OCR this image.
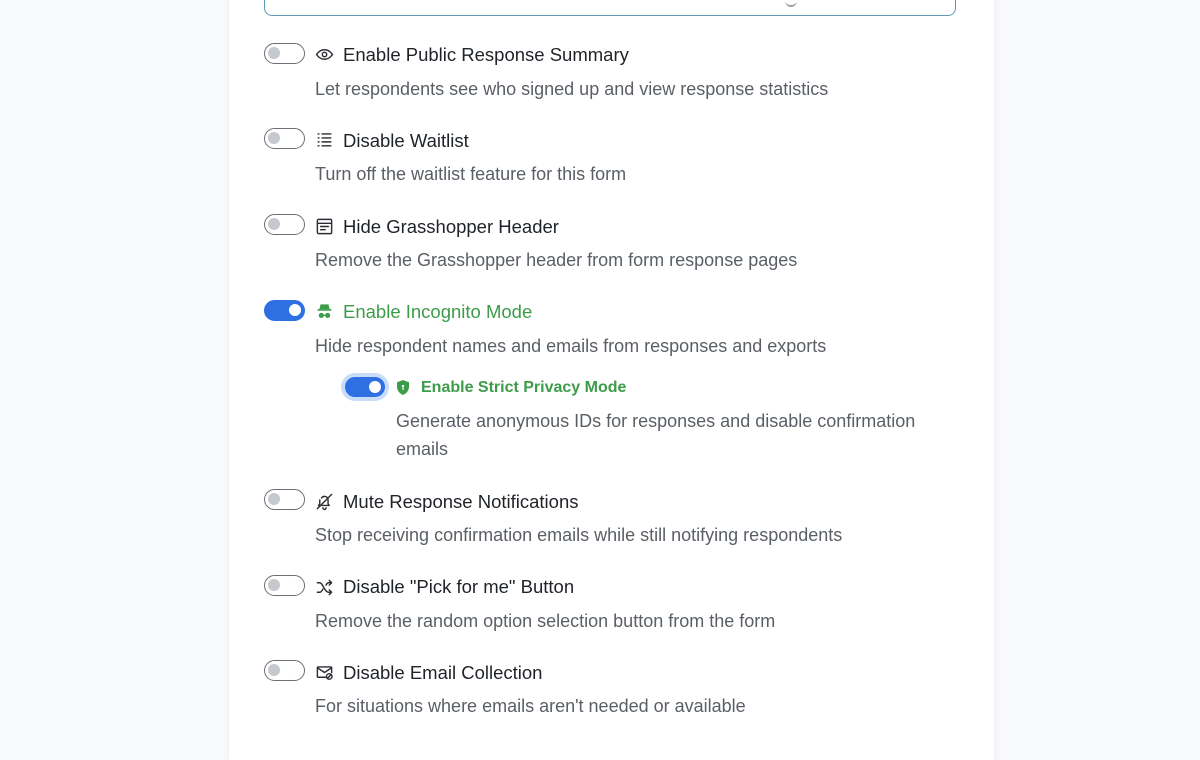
Enable Public Response Summary
Let respondents see who signed up and view response statistics
Disable Waitlist
Turn off the waitlist feature for this form
Hide Grasshopper Header
Remove the Grasshopper header from form response pages
Enable Incognito Mode
Hide respondent names and emails from responses and exports
Enable Strict Privacy Mode
Generate anonymous IDs for responses and disable confirmation emails
Mute Response Notifications
Stop receiving confirmation emails while still notifying respondents
Disable "Pick for me" Button
Remove the random option selection button from the form
Disable Email Collection
For situations where emails aren't needed or available
